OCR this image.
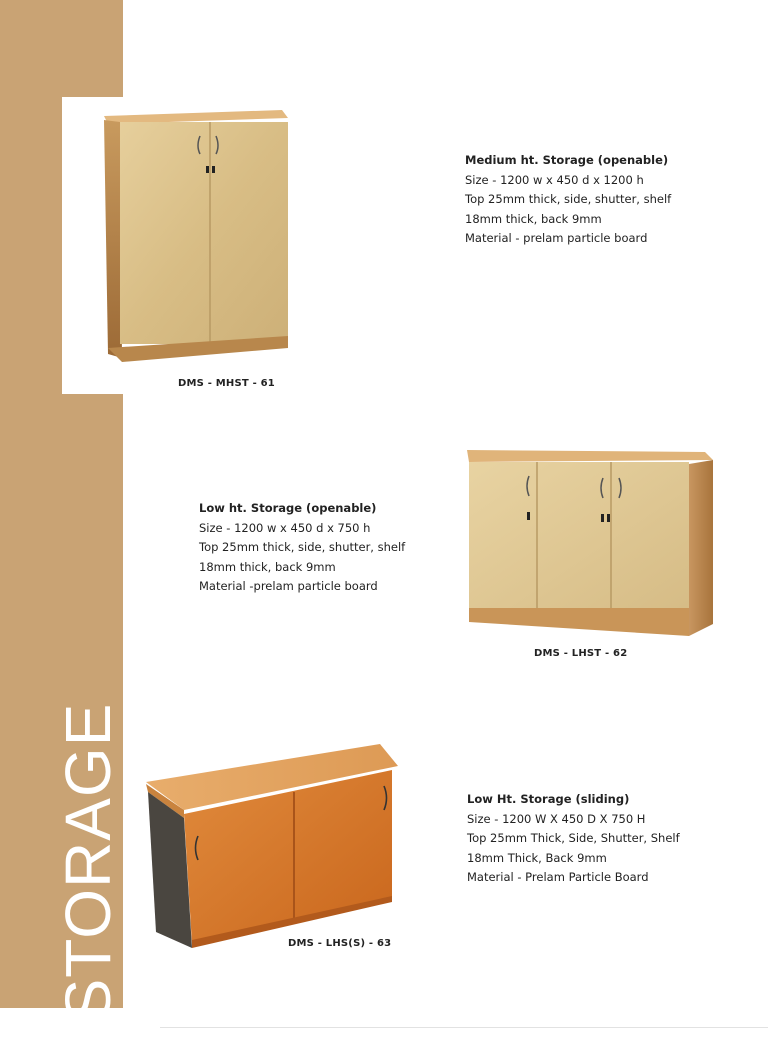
STORAGE
DMS - MHST - 61
Medium ht. Storage (openable)
Size - 1200 w x 450 d x 1200 h
Top 25mm thick, side, shutter, shelf
18mm thick, back 9mm
Material - prelam particle board
Low ht. Storage (openable)
Size - 1200 w x 450 d x 750 h
Top 25mm thick, side, shutter, shelf
18mm thick, back 9mm
Material -prelam particle board
DMS - LHST - 62
DMS - LHS(S) - 63
Low Ht. Storage (sliding)
Size - 1200 W X 450 D X 750 H
Top 25mm Thick, Side, Shutter, Shelf
18mm Thick, Back 9mm
Material - Prelam Particle Board
